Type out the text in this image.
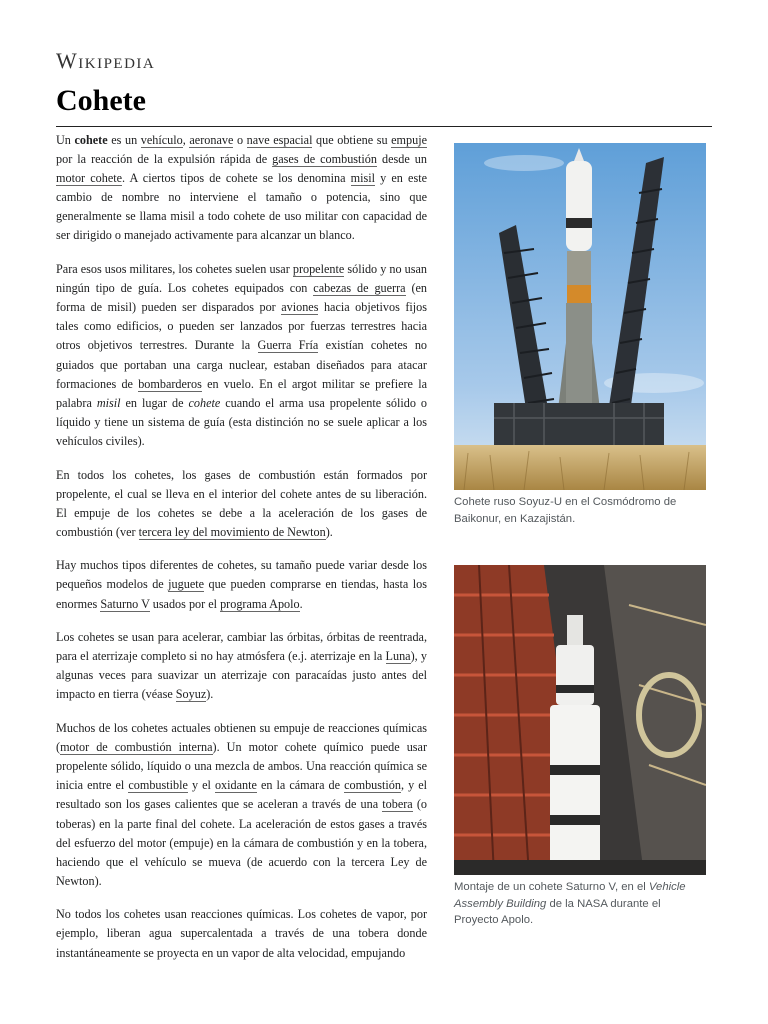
Wikipedia
Cohete

Un cohete es un vehículo, aeronave o nave espacial que obtiene su empuje por la reacción de la expulsión rápida de gases de combustión desde un motor cohete. A ciertos tipos de cohete se los denomina misil y en este cambio de nombre no interviene el tamaño o potencia, sino que generalmente se llama misil a todo cohete de uso militar con capacidad de ser dirigido o manejado activamente para alcanzar un blanco.

Para esos usos militares, los cohetes suelen usar propelente sólido y no usan ningún tipo de guía. Los cohetes equipados con cabezas de guerra (en forma de misil) pueden ser disparados por aviones hacia objetivos fijos tales como edificios, o pueden ser lanzados por fuerzas terrestres hacia otros objetivos terrestres. Durante la Guerra Fría existían cohetes no guiados que portaban una carga nuclear, estaban diseñados para atacar formaciones de bombarderos en vuelo. En el argot militar se prefiere la palabra misil en lugar de cohete cuando el arma usa propelente sólido o líquido y tiene un sistema de guía (esta distinción no se suele aplicar a los vehículos civiles).

En todos los cohetes, los gases de combustión están formados por propelente, el cual se lleva en el interior del cohete antes de su liberación. El empuje de los cohetes se debe a la aceleración de los gases de combustión (ver tercera ley del movimiento de Newton).

Hay muchos tipos diferentes de cohetes, su tamaño puede variar desde los pequeños modelos de juguete que pueden comprarse en tiendas, hasta los enormes Saturno V usados por el programa Apolo.

Los cohetes se usan para acelerar, cambiar las órbitas, órbitas de reentrada, para el aterrizaje completo si no hay atmósfera (e.j. aterrizaje en la Luna), y algunas veces para suavizar un aterrizaje con paracaídas justo antes del impacto en tierra (véase Soyuz).

Muchos de los cohetes actuales obtienen su empuje de reacciones químicas (motor de combustión interna). Un motor cohete químico puede usar propelente sólido, líquido o una mezcla de ambos. Una reacción química se inicia entre el combustible y el oxidante en la cámara de combustión, y el resultado son los gases calientes que se aceleran a través de una tobera (o toberas) en la parte final del cohete. La aceleración de estos gases a través del esfuerzo del motor (empuje) en la cámara de combustión y en la tobera, haciendo que el vehículo se mueva (de acuerdo con la tercera Ley de Newton).

No todos los cohetes usan reacciones químicas. Los cohetes de vapor, por ejemplo, liberan agua supercalentada a través de una tobera donde instantáneamente se proyecta en un vapor de alta velocidad, empujando

Cohete ruso Soyuz-U en el Cosmódromo de Baikonur, en Kazajistán.
Montaje de un cohete Saturno V, en el Vehicle Assembly Building de la NASA durante el Proyecto Apolo.
